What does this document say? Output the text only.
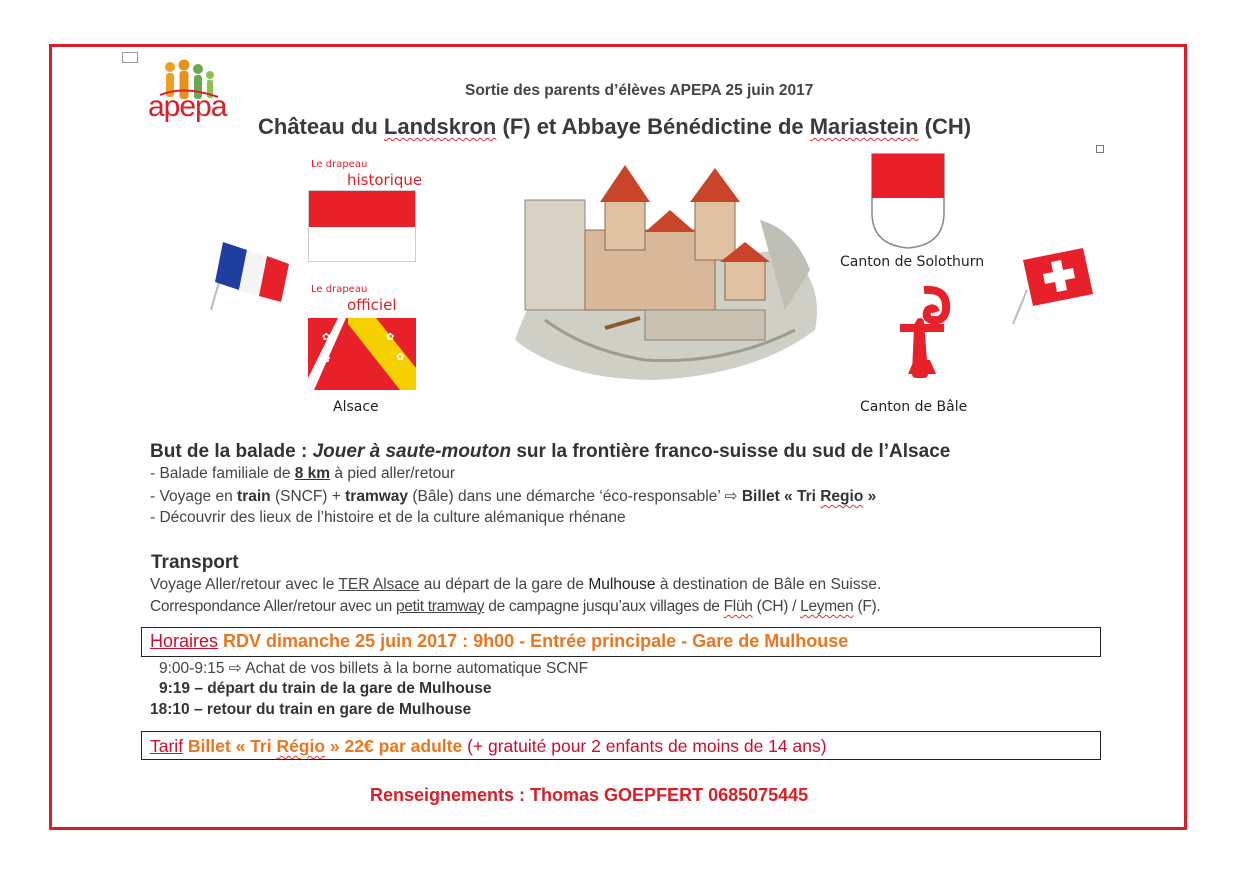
apepa	Sortie des parents d’élèves APEPA 25 juin 2017
Château du Landskron (F) et Abbaye Bénédictine de Mariastein (CH)
Le drapeau
historique
Le drapeau
officiel
✿
✿
✿
✿
Alsace
Canton de Solothurn
Canton de Bâle
But de la balade : Jouer à saute-mouton sur la frontière franco-suisse du sud de l’Alsace
- Balade familiale de 8 km à pied aller/retour
- Voyage en train (SNCF) + tramway (Bâle) dans une démarche ‘éco-responsable’ ⇨ Billet « Tri Regio »
- Découvrir des lieux de l’histoire et de la culture alémanique rhénane
Transport
Voyage Aller/retour avec le TER Alsace au départ de la gare de Mulhouse à destination de Bâle en Suisse.
Correspondance Aller/retour avec un petit tramway de campagne jusqu’aux villages de Flüh (CH) / Leymen (F).
Horaires RDV dimanche 25 juin 2017 : 9h00 - Entrée principale - Gare de Mulhouse
9:00-9:15 ⇨ Achat de vos billets à la borne automatique SCNF
9:19 – départ du train de la gare de Mulhouse
18:10 – retour du train en gare de Mulhouse
Tarif Billet « Tri Régio » 22€ par adulte (+ gratuité pour 2 enfants de moins de 14 ans)
Renseignements : Thomas GOEPFERT 0685075445
